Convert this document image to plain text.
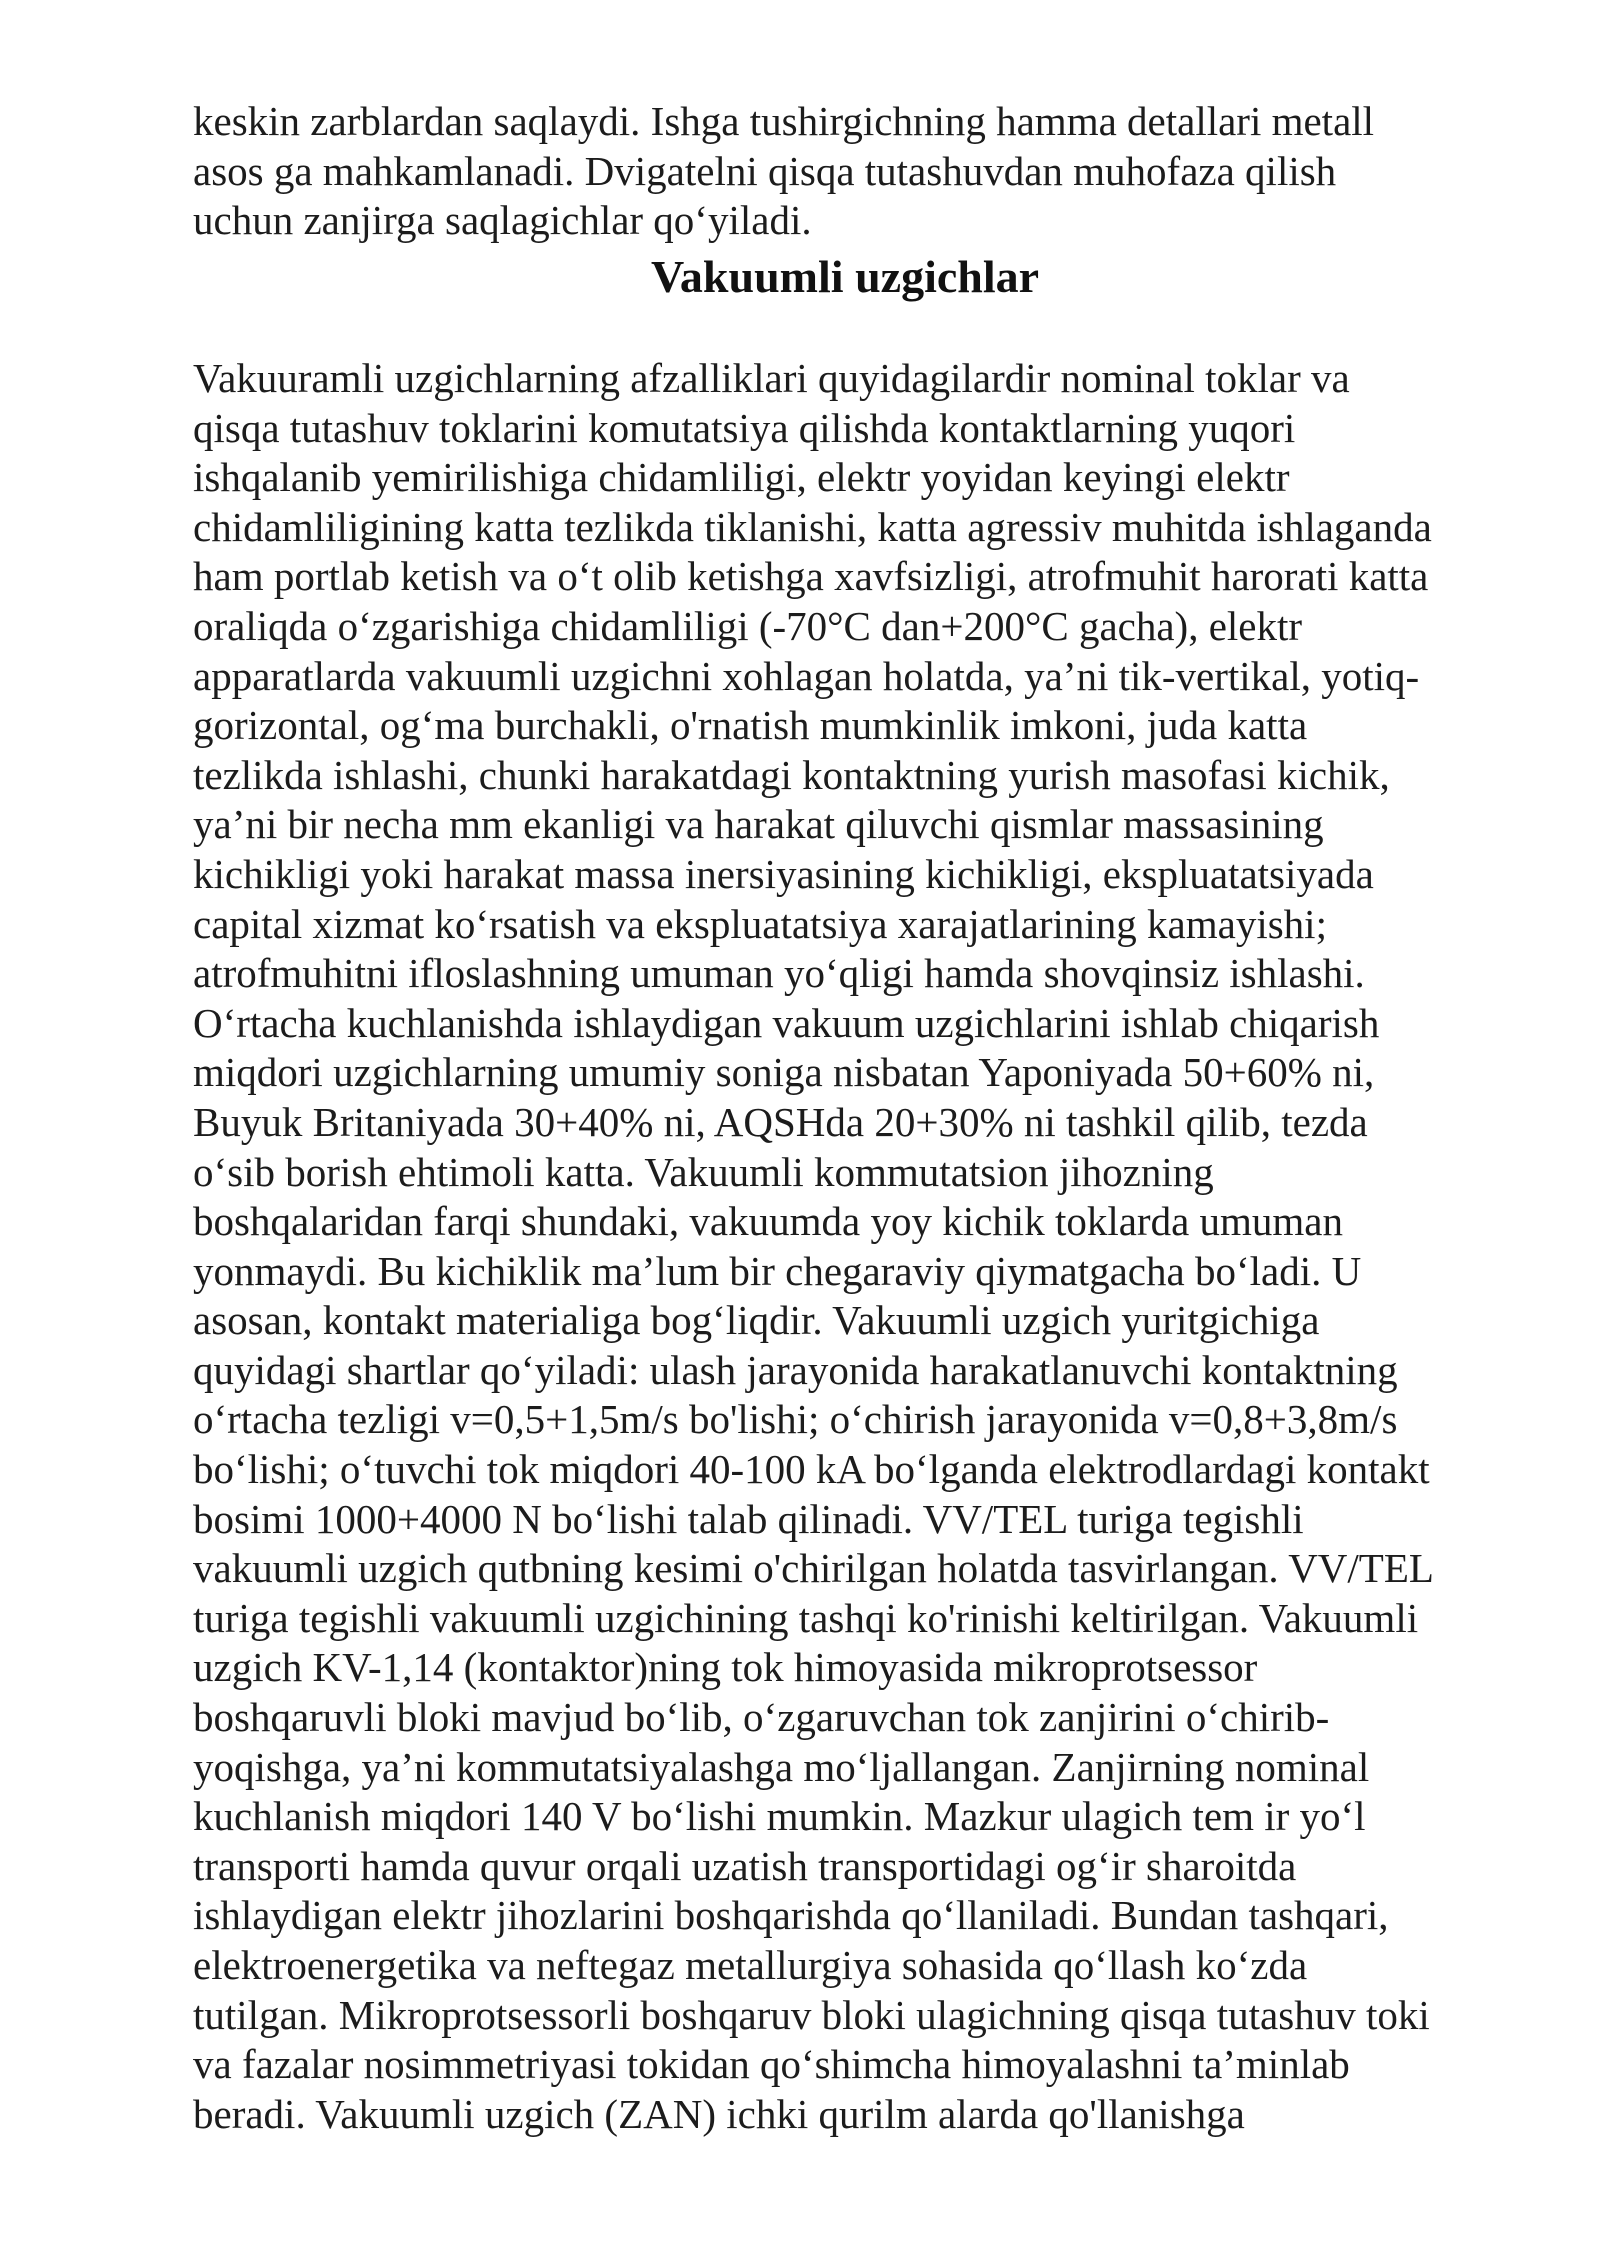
keskin zarblardan saqlaydi. Ishga tushirgichning hamma detallari metall
asos ga mahkamlanadi. Dvigatelni qisqa tutashuvdan muhofaza qilish
uchun zanjirga saqlagichlar qo‘yiladi.
Vakuumli uzgichlar
Vakuuramli uzgichlarning afzalliklari quyidagilardir nominal toklar va
qisqa tutashuv toklarini komutatsiya qilishda kontaktlarning yuqori
ishqalanib yemirilishiga chidamliligi, elektr yoyidan keyingi elektr
chidamliligining katta tezlikda tiklanishi, katta agressiv muhitda ishlaganda
ham portlab ketish va o‘t olib ketishga xavfsizligi, atrofmuhit harorati katta
oraliqda o‘zgarishiga chidamliligi (-70°C dan+200°C gacha), elektr
apparatlarda vakuumli uzgichni xohlagan holatda, ya’ni tik-vertikal, yotiq-
gorizontal, og‘ma burchakli, o'rnatish mumkinlik imkoni, juda katta
tezlikda ishlashi, chunki harakatdagi kontaktning yurish masofasi kichik,
ya’ni bir necha mm ekanligi va harakat qiluvchi qismlar massasining
kichikligi yoki harakat massa inersiyasining kichikligi, ekspluatatsiyada
capital xizmat ko‘rsatish va ekspluatatsiya xarajatlarining kamayishi;
atrofmuhitni ifloslashning umuman yo‘qligi hamda shovqinsiz ishlashi.
O‘rtacha kuchlanishda ishlaydigan vakuum uzgichlarini ishlab chiqarish
miqdori uzgichlarning umumiy soniga nisbatan Yaponiyada 50+60% ni,
Buyuk Britaniyada 30+40% ni, AQSHda 20+30% ni tashkil qilib, tezda
o‘sib borish ehtimoli katta. Vakuumli kommutatsion jihozning
boshqalaridan farqi shundaki, vakuumda yoy kichik toklarda umuman
yonmaydi. Bu kichiklik ma’lum bir chegaraviy qiymatgacha bo‘ladi. U
asosan, kontakt materialiga bog‘liqdir. Vakuumli uzgich yuritgichiga
quyidagi shartlar qo‘yiladi: ulash jarayonida harakatlanuvchi kontaktning
o‘rtacha tezligi v=0,5+1,5m/s bo'lishi; o‘chirish jarayonida v=0,8+3,8m/s
bo‘lishi; o‘tuvchi tok miqdori 40-100 kA bo‘lganda elektrodlardagi kontakt
bosimi 1000+4000 N bo‘lishi talab qilinadi. VV/TEL turiga tegishli
vakuumli uzgich qutbning kesimi o'chirilgan holatda tasvirlangan. VV/TEL
turiga tegishli vakuumli uzgichining tashqi ko'rinishi keltirilgan. Vakuumli
uzgich KV-1,14 (kontaktor)ning tok himoyasida mikroprotsessor
boshqaruvli bloki mavjud bo‘lib, o‘zgaruvchan tok zanjirini o‘chirib-
yoqishga, ya’ni kommutatsiyalashga mo‘ljallangan. Zanjirning nominal
kuchlanish miqdori 140 V bo‘lishi mumkin. Mazkur ulagich tem ir yo‘l
transporti hamda quvur orqali uzatish transportidagi og‘ir sharoitda
ishlaydigan elektr jihozlarini boshqarishda qo‘llaniladi. Bundan tashqari,
elektroenergetika va neftegaz metallurgiya sohasida qo‘llash ko‘zda
tutilgan. Mikroprotsessorli boshqaruv bloki ulagichning qisqa tutashuv toki
va fazalar nosimmetriyasi tokidan qo‘shimcha himoyalashni ta’minlab
beradi. Vakuumli uzgich (ZAN) ichki qurilm alarda qo'llanishga
